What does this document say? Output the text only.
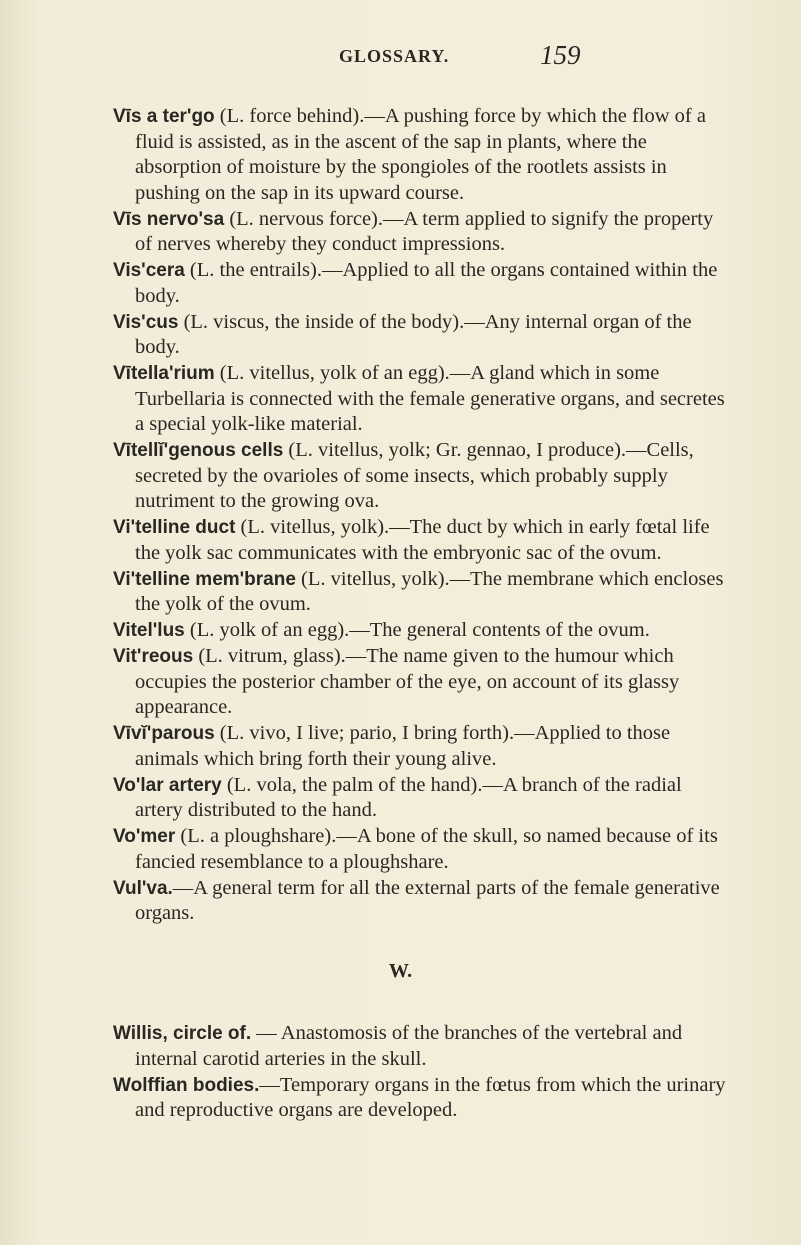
GLOSSARY.	159

Vīs a ter'go (L. force behind).—A pushing force by which the flow of a fluid is assisted, as in the ascent of the sap in plants, where the absorption of moisture by the spongioles of the rootlets assists in pushing on the sap in its upward course.

Vīs nervo'sa (L. nervous force).—A term applied to signify the property of nerves whereby they conduct impressions.

Vis'cera (L. the entrails).—Applied to all the organs contained within the body.

Vis'cus (L. viscus, the inside of the body).—Any internal organ of the body.

Vītella'rium (L. vitellus, yolk of an egg).—A gland which in some Turbellaria is connected with the female generative organs, and secretes a special yolk-like material.

Vītellĭ'genous cells (L. vitellus, yolk; Gr. gennao, I produce).—Cells, secreted by the ovarioles of some insects, which probably supply nutriment to the growing ova.

Vi'telline duct (L. vitellus, yolk).—The duct by which in early fœtal life the yolk sac communicates with the embryonic sac of the ovum.

Vi'telline mem'brane (L. vitellus, yolk).—The membrane which encloses the yolk of the ovum.

Vitel'lus (L. yolk of an egg).—The general contents of the ovum.

Vit'reous (L. vitrum, glass).—The name given to the humour which occupies the posterior chamber of the eye, on account of its glassy appearance.

Vīvĭ'parous (L. vivo, I live; pario, I bring forth).—Applied to those animals which bring forth their young alive.

Vo'lar artery (L. vola, the palm of the hand).—A branch of the radial artery distributed to the hand.

Vo'mer (L. a ploughshare).—A bone of the skull, so named because of its fancied resemblance to a ploughshare.

Vul'va.—A general term for all the external parts of the female generative organs.

W.

Willis, circle of. — Anastomosis of the branches of the vertebral and internal carotid arteries in the skull.

Wolffian bodies.—Temporary organs in the fœtus from which the urinary and reproductive organs are developed.
